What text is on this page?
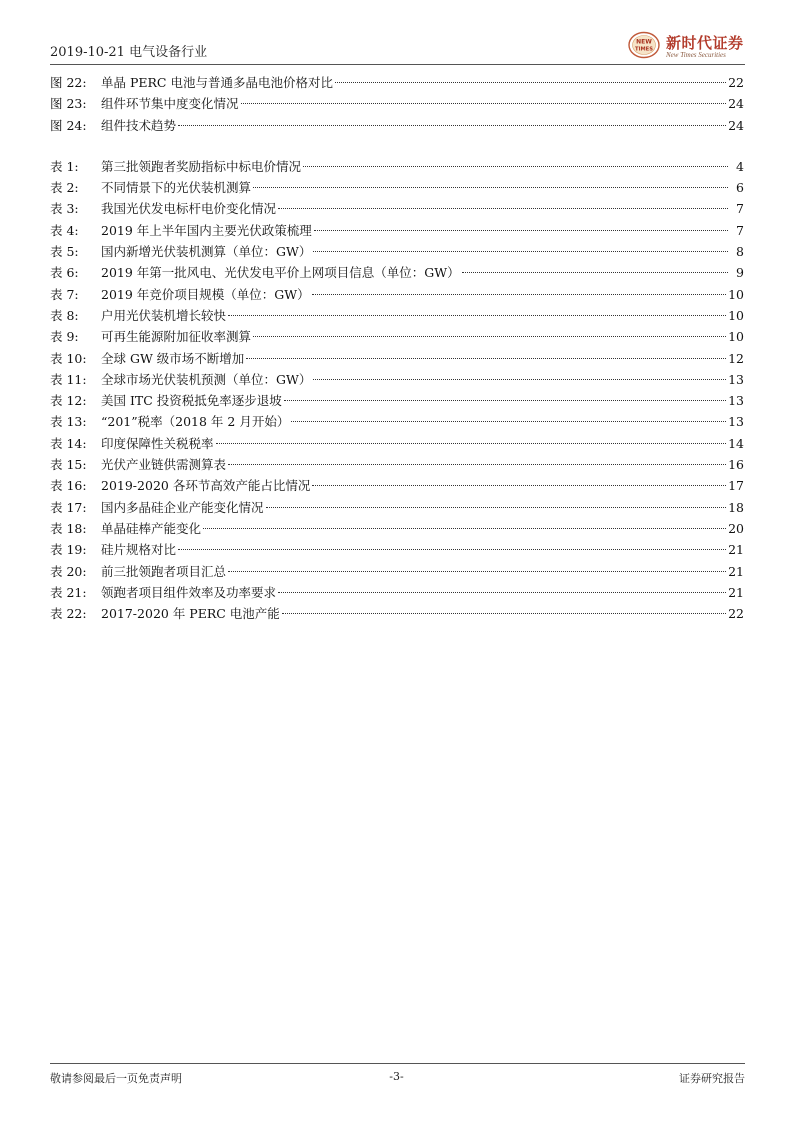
2019-10-21 电气设备行业
NEW
TIMES 新时代证券
New Times Securities
图 22:	单晶 PERC 电池与普通多晶电池价格对比	22
图 23:	组件环节集中度变化情况	24
图 24:	组件技术趋势	24
表 1:	第三批领跑者奖励指标中标电价情况	4
表 2:	不同情景下的光伏装机测算	6
表 3:	我国光伏发电标杆电价变化情况	7
表 4:	2019 年上半年国内主要光伏政策梳理	7
表 5:	国内新增光伏装机测算（单位：GW）	8
表 6:	2019 年第一批风电、光伏发电平价上网项目信息（单位：GW）	9
表 7:	2019 年竞价项目规模（单位：GW）	10
表 8:	户用光伏装机增长较快	10
表 9:	可再生能源附加征收率测算	10
表 10:	全球 GW 级市场不断增加	12
表 11:	全球市场光伏装机预测（单位：GW）	13
表 12:	美国 ITC 投资税抵免率逐步退坡	13
表 13:	“201”税率（2018 年 2 月开始）	13
表 14:	印度保障性关税税率	14
表 15:	光伏产业链供需测算表	16
表 16:	2019-2020 各环节高效产能占比情况	17
表 17:	国内多晶硅企业产能变化情况	18
表 18:	单晶硅棒产能变化	20
表 19:	硅片规格对比	21
表 20:	前三批领跑者项目汇总	21
表 21:	领跑者项目组件效率及功率要求	21
表 22:	2017-2020 年 PERC 电池产能	22
敬请参阅最后一页免责声明	-3-	证券研究报告
